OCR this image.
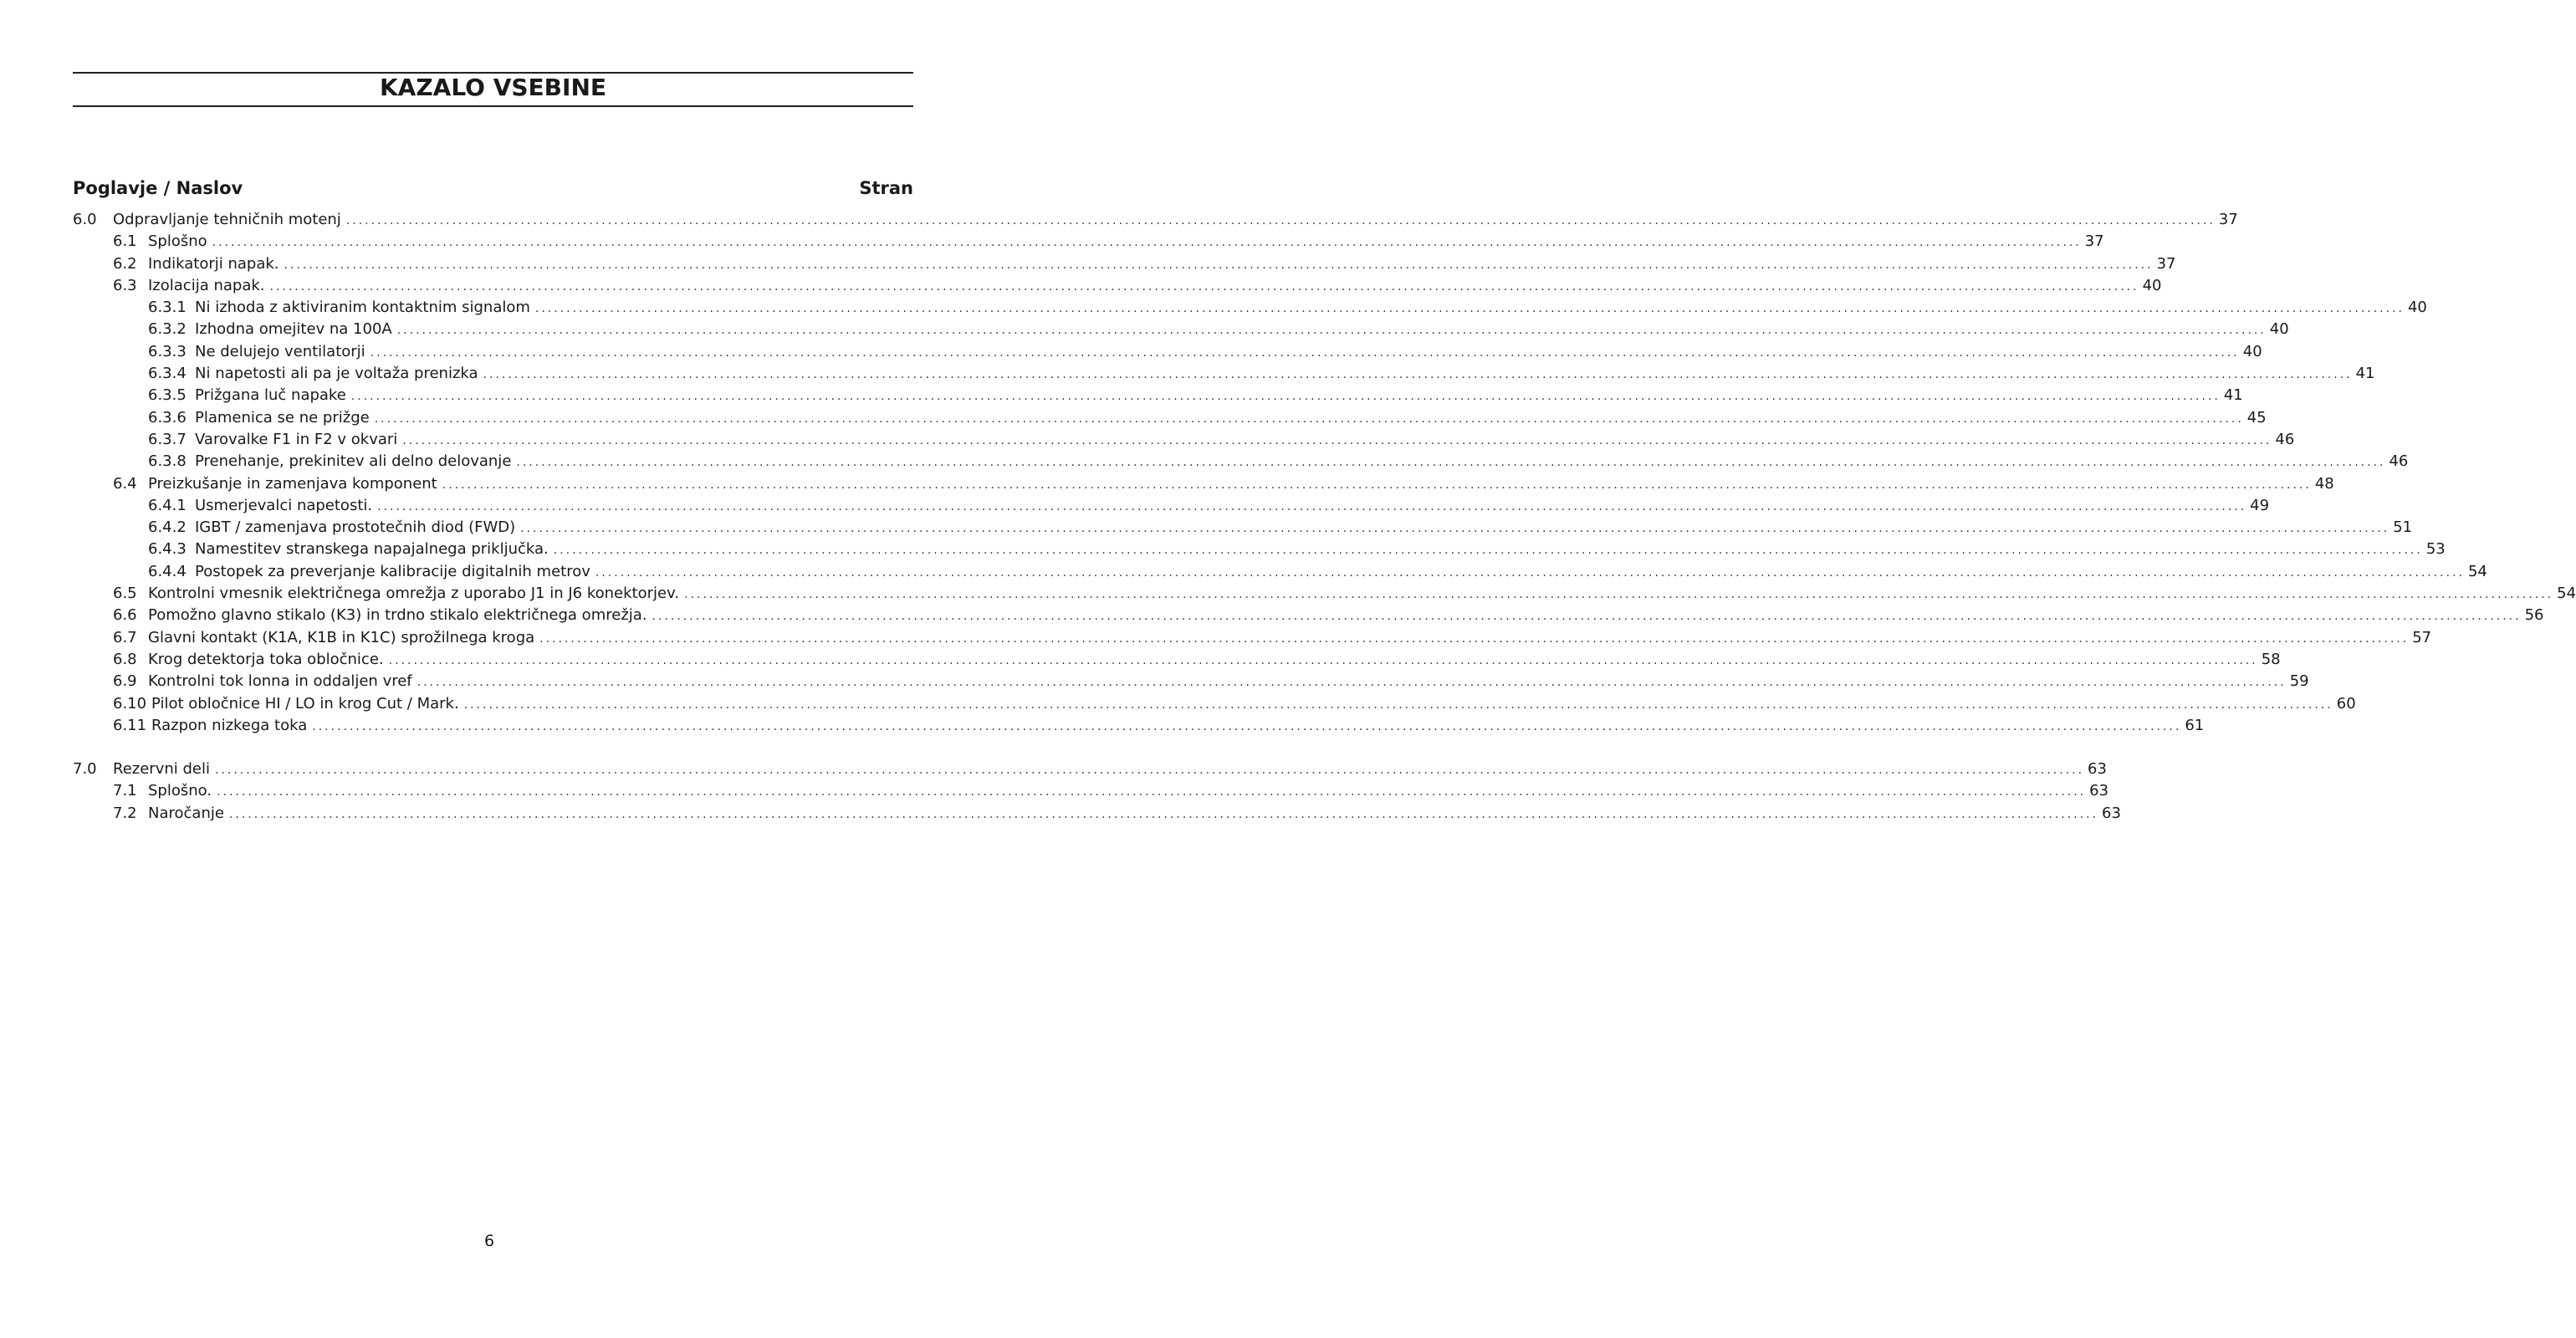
KAZALO VSEBINE
Poglavje / Naslov	Stran
6.0	Odpravljanje tehničnih motenj ............................................................................................................................................................................................................................................................................................................ 37
6.1 Splošno ............................................................................................................................................................................................................................................................................................................ 37
6.2 Indikatorji napak. ............................................................................................................................................................................................................................................................................................................ 37
6.3 Izolacija napak. ............................................................................................................................................................................................................................................................................................................ 40
6.3.1 Ni izhoda z aktiviranim kontaktnim signalom ............................................................................................................................................................................................................................................................................................................ 40
6.3.2 Izhodna omejitev na 100A ............................................................................................................................................................................................................................................................................................................ 40
6.3.3 Ne delujejo ventilatorji ............................................................................................................................................................................................................................................................................................................ 40
6.3.4 Ni napetosti ali pa je voltaža prenizka ............................................................................................................................................................................................................................................................................................................ 41
6.3.5 Prižgana luč napake ............................................................................................................................................................................................................................................................................................................ 41
6.3.6 Plamenica se ne prižge ............................................................................................................................................................................................................................................................................................................ 45
6.3.7 Varovalke F1 in F2 v okvari ............................................................................................................................................................................................................................................................................................................ 46
6.3.8 Prenehanje, prekinitev ali delno delovanje ............................................................................................................................................................................................................................................................................................................ 46
6.4 Preizkušanje in zamenjava komponent ............................................................................................................................................................................................................................................................................................................ 48
6.4.1 Usmerjevalci napetosti. ............................................................................................................................................................................................................................................................................................................ 49
6.4.2 IGBT / zamenjava prostotečnih diod (FWD) ............................................................................................................................................................................................................................................................................................................ 51
6.4.3 Namestitev stranskega napajalnega priključka. ............................................................................................................................................................................................................................................................................................................ 53
6.4.4 Postopek za preverjanje kalibracije digitalnih metrov ............................................................................................................................................................................................................................................................................................................ 54
6.5 Kontrolni vmesnik električnega omrežja z uporabo J1 in J6 konektorjev. ............................................................................................................................................................................................................................................................................................................ 54
6.6 Pomožno glavno stikalo (K3) in trdno stikalo električnega omrežja. ............................................................................................................................................................................................................................................................................................................ 56
6.7 Glavni kontakt (K1A, K1B in K1C) sprožilnega kroga ............................................................................................................................................................................................................................................................................................................ 57
6.8 Krog detektorja toka obločnice. ............................................................................................................................................................................................................................................................................................................ 58
6.9 Kontrolni tok lonna in oddaljen vref ............................................................................................................................................................................................................................................................................................................ 59
6.10 Pilot obločnice HI / LO in krog Cut / Mark. ............................................................................................................................................................................................................................................................................................................ 60
6.11 Razpon nizkega toka ............................................................................................................................................................................................................................................................................................................ 61
7.0	Rezervni deli ............................................................................................................................................................................................................................................................................................................ 63
7.1 Splošno. ............................................................................................................................................................................................................................................................................................................ 63
7.2 Naročanje ............................................................................................................................................................................................................................................................................................................ 63
6
